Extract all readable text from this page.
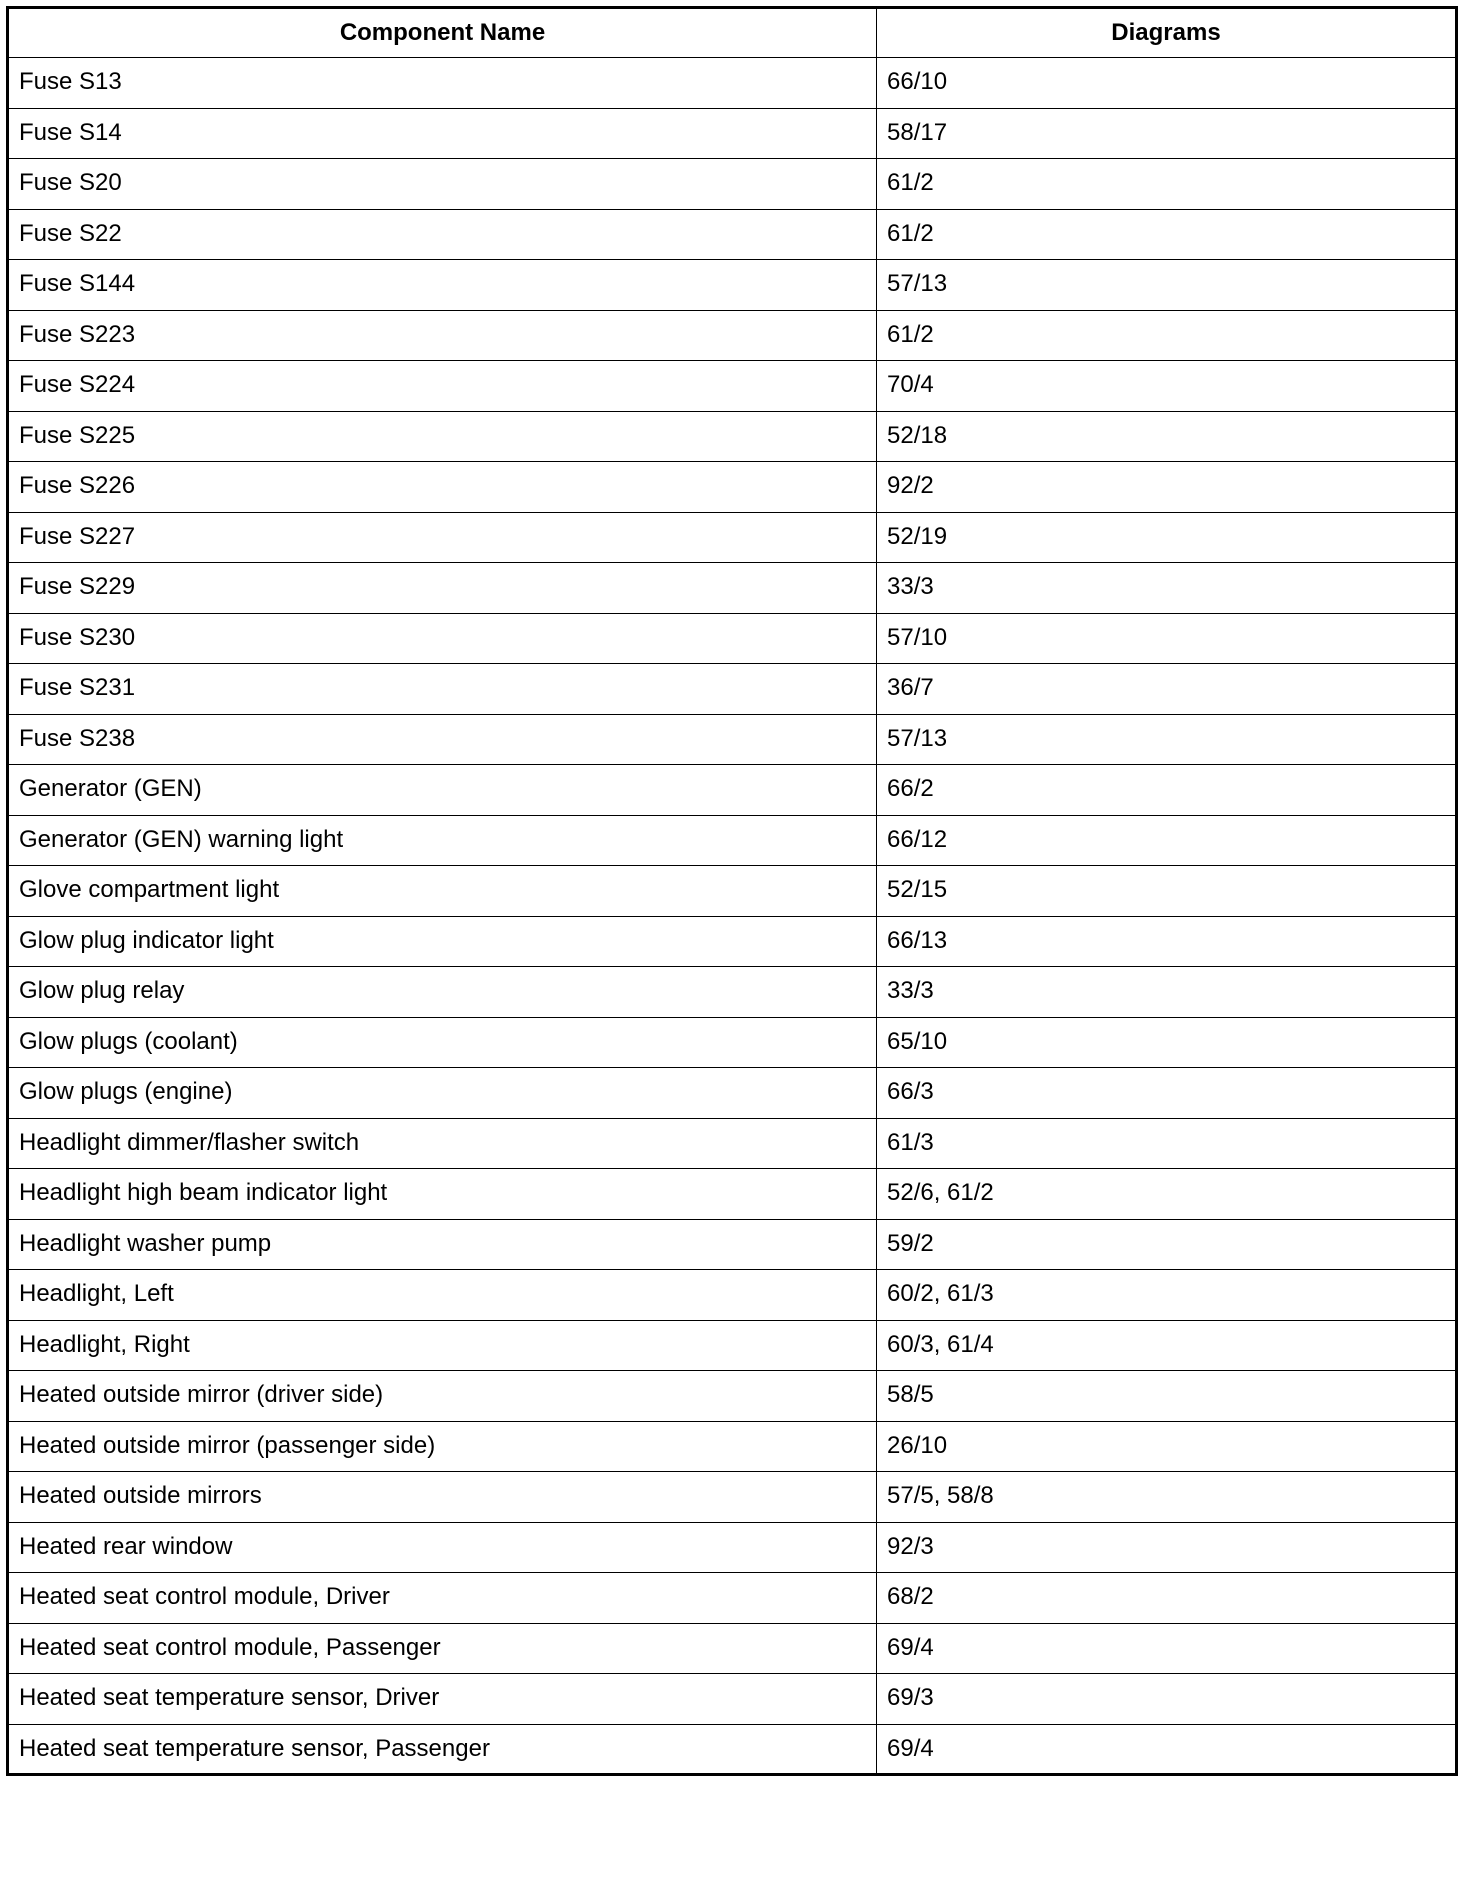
Component Name	Diagrams
Fuse S13	66/10
Fuse S14	58/17
Fuse S20	61/2
Fuse S22	61/2
Fuse S144	57/13
Fuse S223	61/2
Fuse S224	70/4
Fuse S225	52/18
Fuse S226	92/2
Fuse S227	52/19
Fuse S229	33/3
Fuse S230	57/10
Fuse S231	36/7
Fuse S238	57/13
Generator (GEN)	66/2
Generator (GEN) warning light	66/12
Glove compartment light	52/15
Glow plug indicator light	66/13
Glow plug relay	33/3
Glow plugs (coolant)	65/10
Glow plugs (engine)	66/3
Headlight dimmer/flasher switch	61/3
Headlight high beam indicator light	52/6, 61/2
Headlight washer pump	59/2
Headlight, Left	60/2, 61/3
Headlight, Right	60/3, 61/4
Heated outside mirror (driver side)	58/5
Heated outside mirror (passenger side)	26/10
Heated outside mirrors	57/5, 58/8
Heated rear window	92/3
Heated seat control module, Driver	68/2
Heated seat control module, Passenger	69/4
Heated seat temperature sensor, Driver	69/3
Heated seat temperature sensor, Passenger	69/4
